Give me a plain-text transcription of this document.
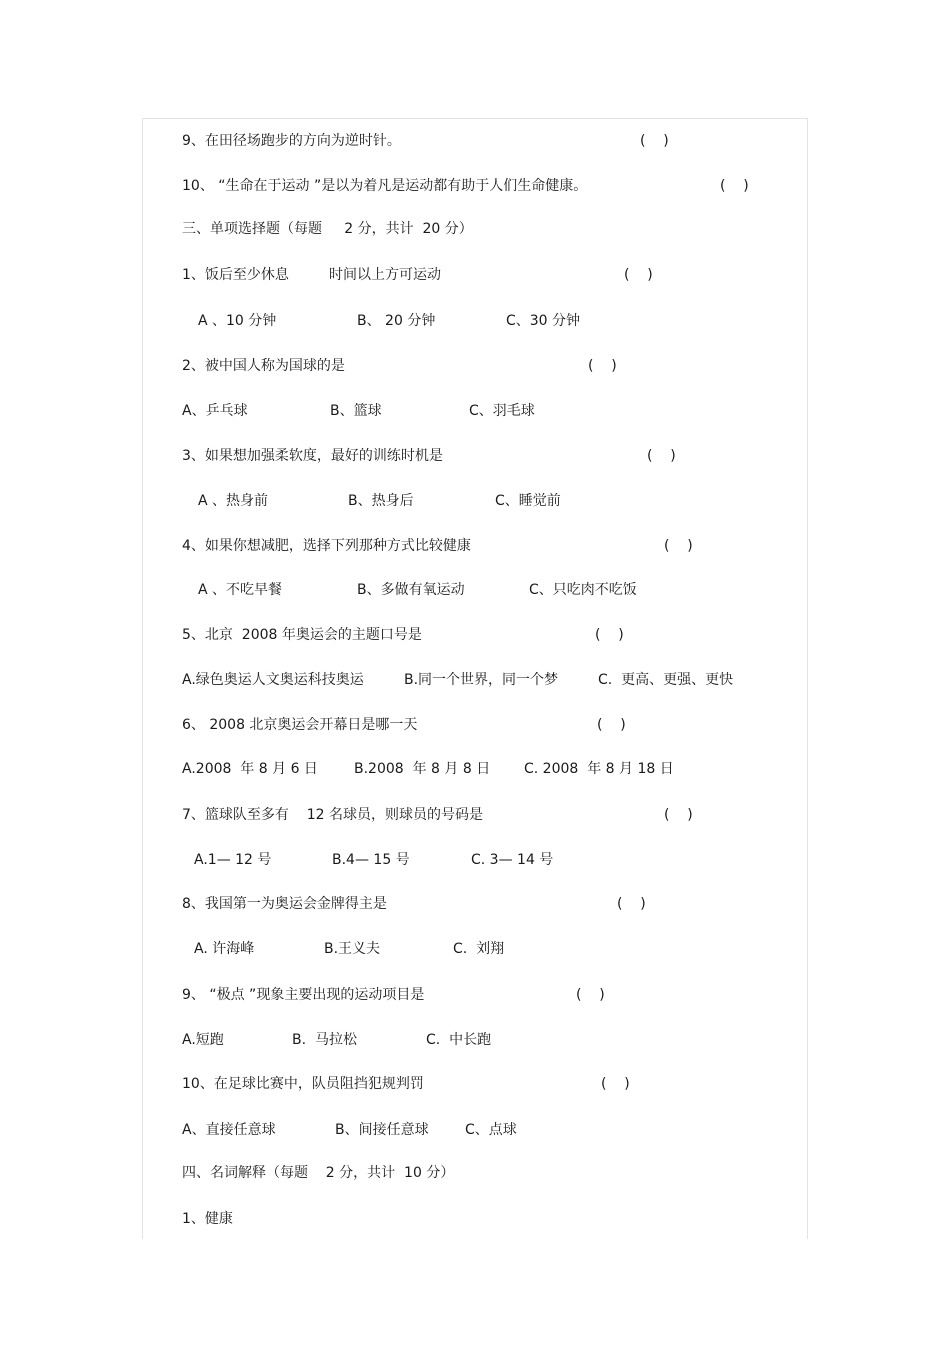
9、在田径场跑步的方向为逆时针。	(    )
10、 “生命在于运动 ”是以为着凡是运动都有助于人们生命健康。	(    )
三、单项选择题（每题     2 分，共计  20 分）
1、饭后至少休息         时间以上方可运动	(    )
A 、10 分钟	B、 20 分钟	C、30 分钟
2、被中国人称为国球的是	(    )
A、乒乓球	B、篮球	C、羽毛球
3、如果想加强柔软度，最好的训练时机是	(    )
A 、热身前	B、热身后	C、睡觉前
4、如果你想减肥，选择下列那种方式比较健康	(    )
A 、不吃早餐	B、多做有氧运动	C、只吃肉不吃饭
5、北京  2008 年奥运会的主题口号是	(    )
A.绿色奥运人文奥运科技奥运	B.同一个世界，同一个梦	C.  更高、更强、更快
6、 2008 北京奥运会开幕日是哪一天	(    )
A.2008  年 8 月 6 日	B.2008  年 8 月 8 日 C. 2008  年 8 月 18 日
7、篮球队至多有    12 名球员，则球员的号码是	(    )
A.1— 12 号	B.4— 15 号	C. 3— 14 号
8、我国第一为奥运会金牌得主是	(    )
A. 许海峰	B.王义夫	C.  刘翔
9、 “极点 ”现象主要出现的运动项目是	(    )
A.短跑	B.  马拉松	C.  中长跑
10、在足球比赛中，队员阻挡犯规判罚	(    )
A、直接任意球	B、间接任意球	C、点球
四、名词解释（每题    2 分，共计  10 分）
1、健康
